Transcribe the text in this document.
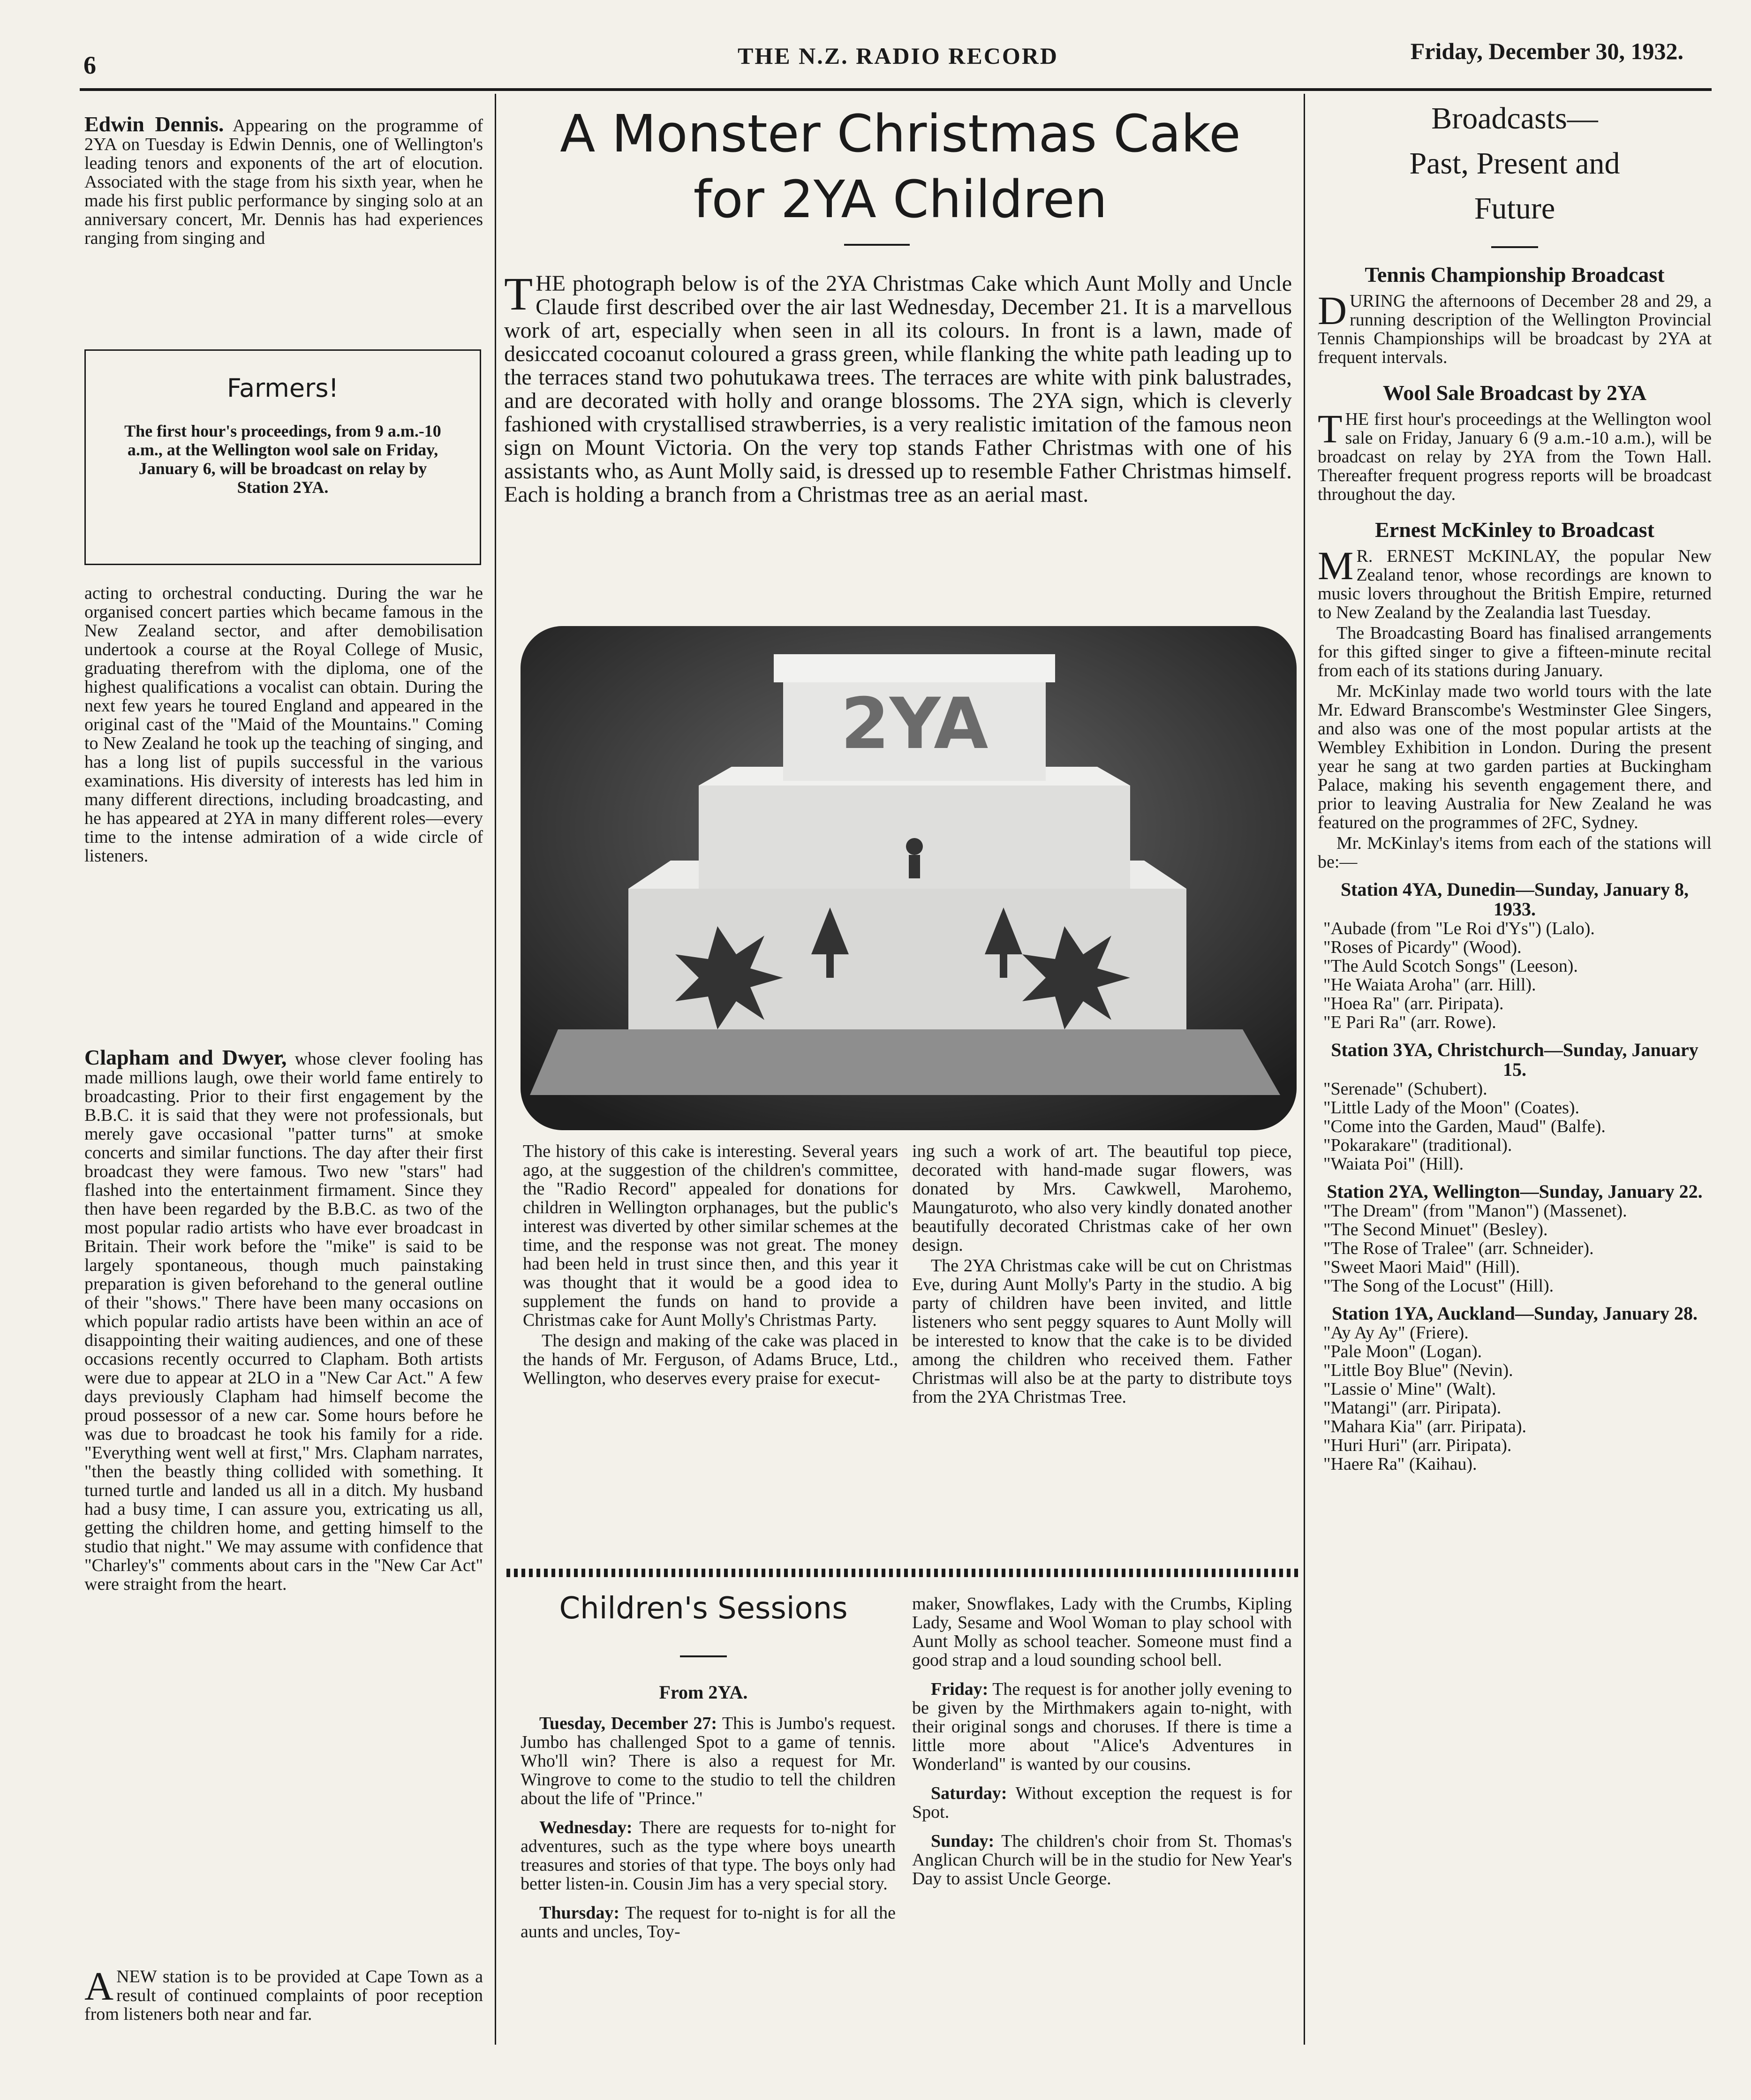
6	THE N.Z. RADIO RECORD	Friday, December 30, 1932.

Edwin Dennis. Appearing on the programme of 2YA on Tuesday is Edwin Dennis, one of Wellington's leading tenors and exponents of the art of elocution. Associated with the stage from his sixth year, when he made his first public performance by singing solo at an anniversary concert, Mr. Dennis has had experiences ranging from singing and

Farmers!
The first hour's proceedings, from 9 a.m.-10 a.m., at the Wellington wool sale on Friday, January 6, will be broadcast on relay by Station 2YA.

acting to orchestral conducting. During the war he organised concert parties which became famous in the New Zealand sector, and after demobilisation undertook a course at the Royal College of Music, graduating therefrom with the diploma, one of the highest qualifications a vocalist can obtain. During the next few years he toured England and appeared in the original cast of the "Maid of the Mountains." Coming to New Zealand he took up the teaching of singing, and has a long list of pupils successful in the various examinations. His diversity of interests has led him in many different directions, including broadcasting, and he has appeared at 2YA in many different roles—every time to the intense admiration of a wide circle of listeners.

Clapham and Dwyer, whose clever fooling has made millions laugh, owe their world fame entirely to broadcasting. Prior to their first engagement by the B.B.C. it is said that they were not professionals, but merely gave occasional "patter turns" at smoke concerts and similar functions. The day after their first broadcast they were famous. Two new "stars" had flashed into the entertainment firmament. Since they then have been regarded by the B.B.C. as two of the most popular radio artists who have ever broadcast in Britain. Their work before the "mike" is said to be largely spontaneous, though much painstaking preparation is given beforehand to the general outline of their "shows." There have been many occasions on which popular radio artists have been within an ace of disappointing their waiting audiences, and one of these occasions recently occurred to Clapham. Both artists were due to appear at 2LO in a "New Car Act." A few days previously Clapham had himself become the proud possessor of a new car. Some hours before he was due to broadcast he took his family for a ride. "Everything went well at first," Mrs. Clapham narrates, "then the beastly thing collided with something. It turned turtle and landed us all in a ditch. My husband had a busy time, I can assure you, extricating us all, getting the children home, and getting himself to the studio that night." We may assume with confidence that "Charley's" comments about cars in the "New Car Act" were straight from the heart.

A NEW station is to be provided at Cape Town as a result of continued complaints of poor reception from listeners both near and far.
A Monster Christmas Cake
for 2YA Children
T HE photograph below is of the 2YA Christmas Cake which Aunt Molly and Uncle Claude first described over the air last Wednesday, December 21. It is a marvellous work of art, especially when seen in all its colours. In front is a lawn, made of desiccated cocoanut coloured a grass green, while flanking the white path leading up to the terraces stand two pohutukawa trees. The terraces are white with pink balustrades, and are decorated with holly and orange blossoms. The 2YA sign, which is cleverly fashioned with crystallised strawberries, is a very realistic imitation of the famous neon sign on Mount Victoria. On the very top stands Father Christmas with one of his assistants who, as Aunt Molly said, is dressed up to resemble Father Christmas himself. Each is holding a branch from a Christmas tree as an aerial mast.
2YA

The history of this cake is interesting. Several years ago, at the suggestion of the children's committee, the "Radio Record" appealed for donations for children in Wellington orphanages, but the public's interest was diverted by other similar schemes at the time, and the response was not great. The money had been held in trust since then, and this year it was thought that it would be a good idea to supplement the funds on hand to provide a Christmas cake for Aunt Molly's Christmas Party.

The design and making of the cake was placed in the hands of Mr. Ferguson, of Adams Bruce, Ltd., Wellington, who deserves every praise for execut-

ing such a work of art. The beautiful top piece, decorated with hand-made sugar flowers, was donated by Mrs. Cawkwell, Marohemo, Maungaturoto, who also very kindly donated another beautifully decorated Christmas cake of her own design.

The 2YA Christmas cake will be cut on Christmas Eve, during Aunt Molly's Party in the studio. A big party of children have been invited, and little listeners who sent peggy squares to Aunt Molly will be interested to know that the cake is to be divided among the children who received them. Father Christmas will also be at the party to distribute toys from the 2YA Christmas Tree.

Children's Sessions
From 2YA.

Tuesday, December 27: This is Jumbo's request. Jumbo has challenged Spot to a game of tennis. Who'll win? There is also a request for Mr. Wingrove to come to the studio to tell the children about the life of "Prince."

Wednesday: There are requests for to-night for adventures, such as the type where boys unearth treasures and stories of that type. The boys only had better listen-in. Cousin Jim has a very special story.

Thursday: The request for to-night is for all the aunts and uncles, Toy-

maker, Snowflakes, Lady with the Crumbs, Kipling Lady, Sesame and Wool Woman to play school with Aunt Molly as school teacher. Someone must find a good strap and a loud sounding school bell.

Friday: The request is for another jolly evening to be given by the Mirthmakers again to-night, with their original songs and choruses. If there is time a little more about "Alice's Adventures in Wonderland" is wanted by our cousins.

Saturday: Without exception the request is for Spot.

Sunday: The children's choir from St. Thomas's Anglican Church will be in the studio for New Year's Day to assist Uncle George.

Broadcasts—
Past, Present and
Future
Tennis Championship Broadcast
D URING the afternoons of December 28 and 29, a running description of the Wellington Provincial Tennis Championships will be broadcast by 2YA at frequent intervals.
Wool Sale Broadcast by 2YA
T HE first hour's proceedings at the Wellington wool sale on Friday, January 6 (9 a.m.-10 a.m.), will be broadcast on relay by 2YA from the Town Hall. Thereafter frequent progress reports will be broadcast throughout the day.
Ernest McKinley to Broadcast

M R. ERNEST McKINLAY, the popular New Zealand tenor, whose recordings are known to music lovers throughout the British Empire, returned to New Zealand by the Zealandia last Tuesday.

The Broadcasting Board has finalised arrangements for this gifted singer to give a fifteen-minute recital from each of its stations during January.

Mr. McKinlay made two world tours with the late Mr. Edward Branscombe's Westminster Glee Singers, and also was one of the most popular artists at the Wembley Exhibition in London. During the present year he sang at two garden parties at Buckingham Palace, making his seventh engagement there, and prior to leaving Australia for New Zealand he was featured on the programmes of 2FC, Sydney.

Mr. McKinlay's items from each of the stations will be:—

Station 4YA, Dunedin—Sunday, January 8, 1933.
"Aubade (from "Le Roi d'Ys") (Lalo).
"Roses of Picardy" (Wood).
"The Auld Scotch Songs" (Leeson).
"He Waiata Aroha" (arr. Hill).
"Hoea Ra" (arr. Piripata).
"E Pari Ra" (arr. Rowe).
Station 3YA, Christchurch—Sunday, January 15.
"Serenade" (Schubert).
"Little Lady of the Moon" (Coates).
"Come into the Garden, Maud" (Balfe).
"Pokarakare" (traditional).
"Waiata Poi" (Hill).
Station 2YA, Wellington—Sunday, January 22.
"The Dream" (from "Manon") (Massenet).
"The Second Minuet" (Besley).
"The Rose of Tralee" (arr. Schneider).
"Sweet Maori Maid" (Hill).
"The Song of the Locust" (Hill).
Station 1YA, Auckland—Sunday, January 28.
"Ay Ay Ay" (Friere).
"Pale Moon" (Logan).
"Little Boy Blue" (Nevin).
"Lassie o' Mine" (Walt).
"Matangi" (arr. Piripata).
"Mahara Kia" (arr. Piripata).
"Huri Huri" (arr. Piripata).
"Haere Ra" (Kaihau).
